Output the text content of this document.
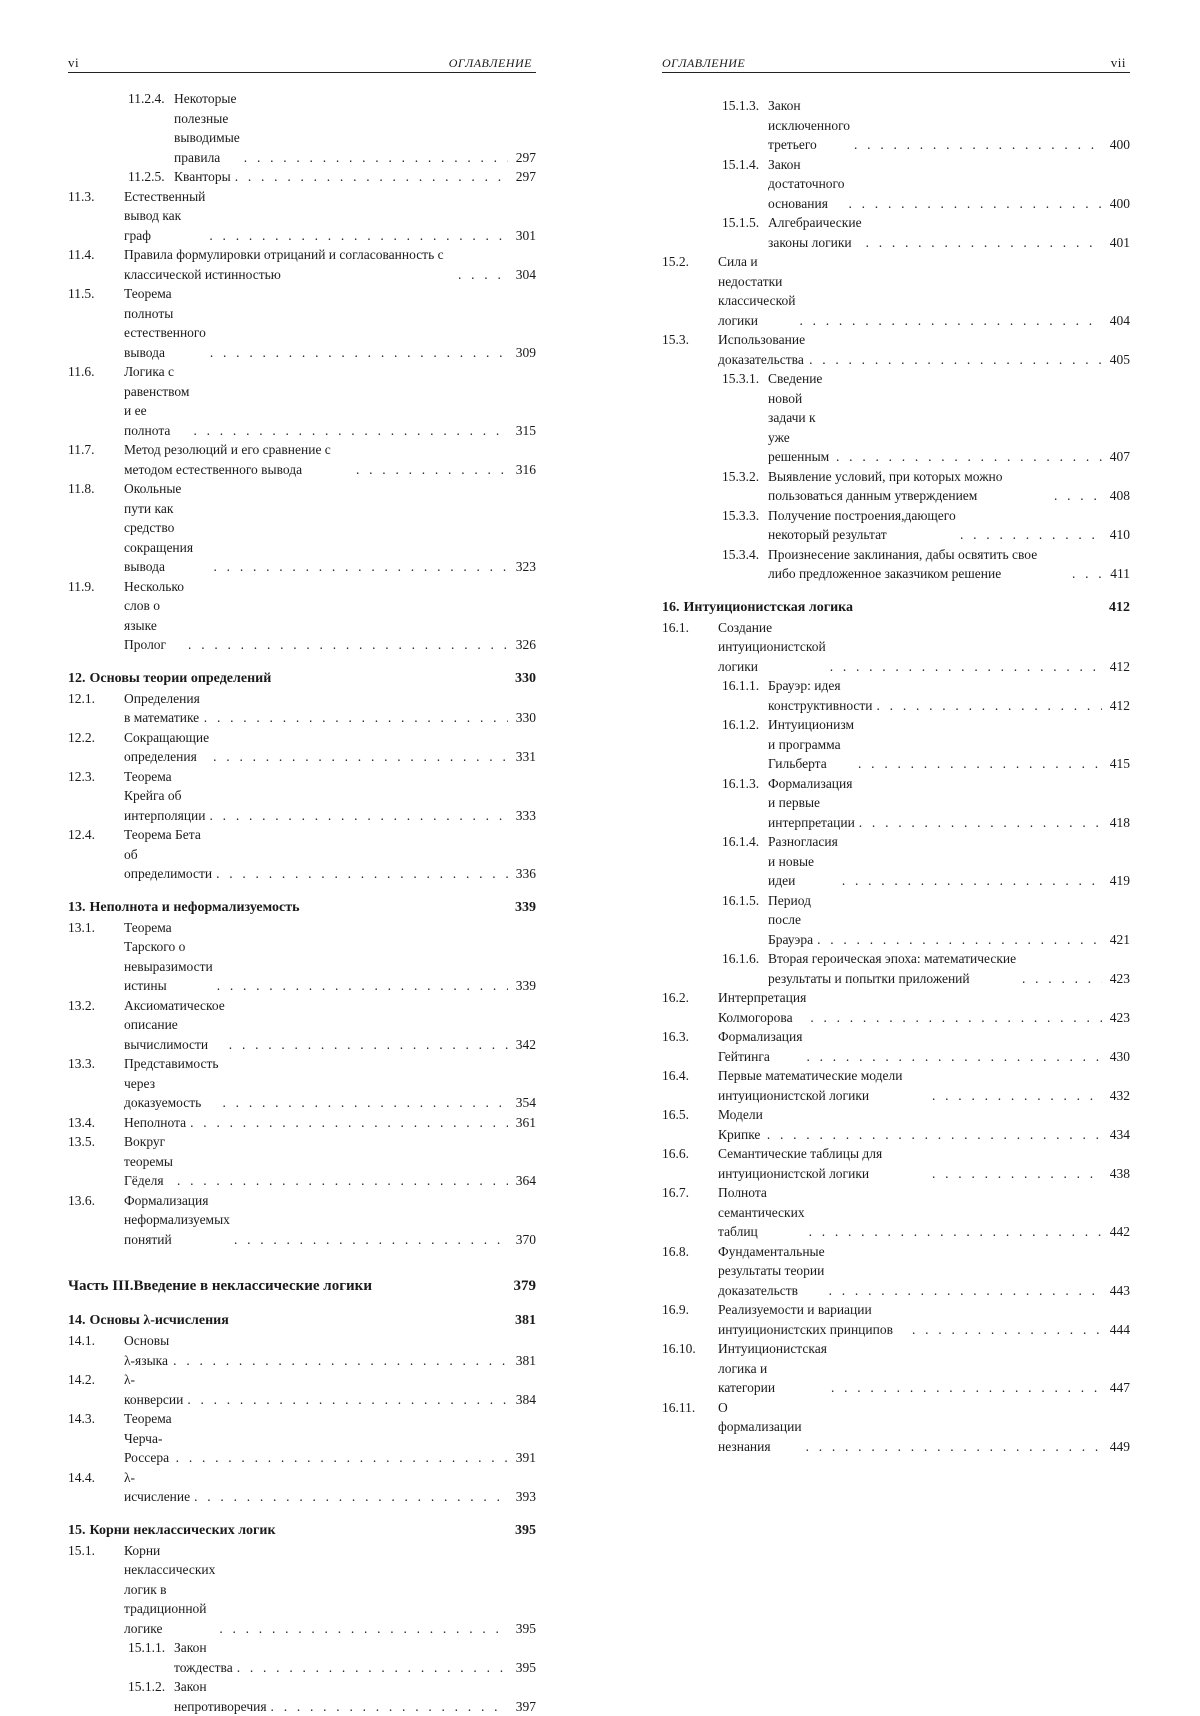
vi	ОГЛАВЛЕНИЕ
11.2.4. Некоторые полезные выводимые правила . . .	297
11.2.5. Кванторы . . .	297
11.3.	Естественный вывод как граф . . .	301
11.4.	Правила формулировки отрицаний и согласованность с классической истинностью . . .	304
11.5.	Теорема полноты естественного вывода . . .	309
11.6.	Логика с равенством и ее полнота . . .	315
11.7.	Метод резолюций и его сравнение с методом естественного вывода . . .	316
11.8.	Окольные пути как средство сокращения вывода . . .	323
11.9.	Несколько слов о языке Пролог . . .	326
12. Основы теории определений	330
12.1.	Определения в математике . . .	330
12.2.	Сокращающие определения . . .	331
12.3.	Теорема Крейга об интерполяции . . .	333
12.4.	Теорема Бета об определимости . . .	336
13. Неполнота и неформализуемость	339
13.1.	Теорема Тарского о невыразимости истины . . .	339
13.2.	Аксиоматическое описание вычислимости . . .	342
13.3.	Представимость через доказуемость . . .	354
13.4.	Неполнота . . .	361
13.5.	Вокруг теоремы Гёделя . . .	364
13.6.	Формализация неформализуемых понятий . . .	370
Часть III. Введение в неклассические логики	379
14. Основы λ-исчисления	381
14.1.	Основы λ-языка . . .	381
14.2.	λ-конверсии . . .	384
14.3.	Теорема Черча-Россера . . .	391
14.4.	λ-исчисление . . .	393
15. Корни неклассических логик	395
15.1.	Корни неклассических логик в традиционной логике . . .	395
15.1.1. Закон тождества . . .	395
15.1.2. Закон непротиворечия . . .	397
ОГЛАВЛЕНИЕ	vii
15.1.3. Закон исключенного третьего . . .	400
15.1.4. Закон достаточного основания . . .	400
15.1.5. Алгебраические законы логики . . .	401
15.2.	Сила и недостатки классической логики . . .	404
15.3.	Использование доказательства . . .	405
15.3.1. Сведение новой задачи к уже решенным . . .	407
15.3.2. Выявление условий, при которых можно пользоваться данным утверждением . . .	408
15.3.3. Получение построения,дающего некоторый результат . . .	410
15.3.4. Произнесение заклинания, дабы освятить свое либо предложенное заказчиком решение . . .	411
16. Интуиционистская логика	412
16.1.	Создание интуиционистской логики . . .	412
16.1.1. Брауэр: идея конструктивности . . .	412
16.1.2. Интуиционизм и программа Гильберта . . .	415
16.1.3. Формализация и первые интерпретации . . .	418
16.1.4. Разногласия и новые идеи . . .	419
16.1.5. Период после Брауэра . . .	421
16.1.6. Вторая героическая эпоха: математические результаты и попытки приложений . . .	423
16.2.	Интерпретация Колмогорова . . .	423
16.3.	Формализация Гейтинга . . .	430
16.4.	Первые математические модели интуиционистской логики . . .	432
16.5.	Модели Крипке . . .	434
16.6.	Семантические таблицы для интуиционистской логики . . .	438
16.7.	Полнота семантических таблиц . . .	442
16.8.	Фундаментальные результаты теории доказательств . . .	443
16.9.	Реализуемости и вариации интуиционистских принципов . . .	444
16.10.	Интуиционистская логика и категории . . .	447
16.11.	О формализации незнания . . .	449
